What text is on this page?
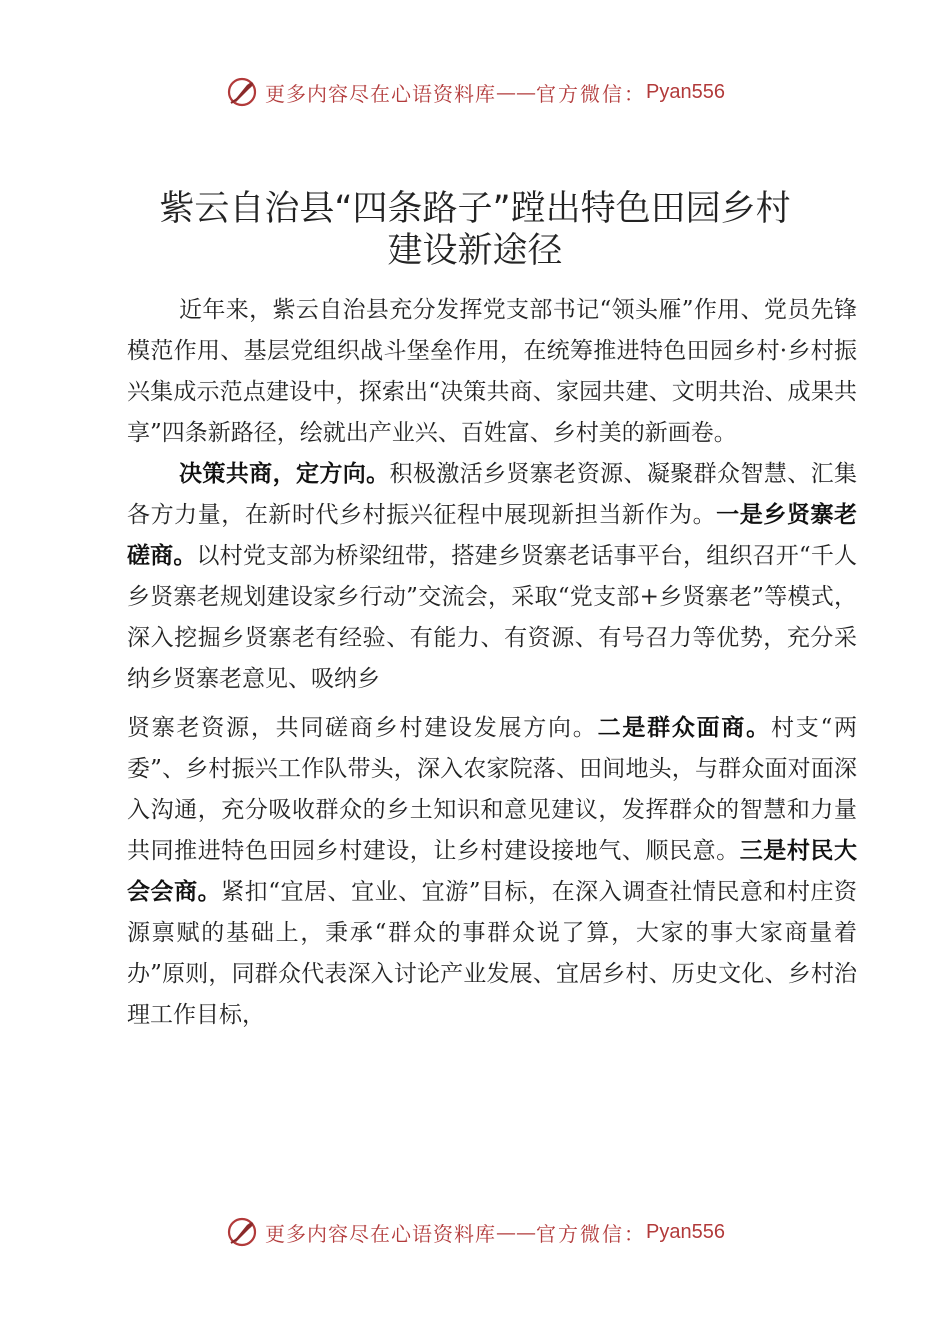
更多内容尽在心语资料库 —— 官方微信： Pyan556
紫云自治县“四条路子”蹚出特色田园乡村
建设新途径

近年来，紫云自治县充分发挥党支部书记“领头雁”作用、党员先锋模范作用、基层党组织战斗堡垒作用，在统筹推进特色田园乡村·乡村振兴集成示范点建设中，探索出“决策共商、家园共建、文明共治、成果共享”四条新路径，绘就出产业兴、百姓富、乡村美的新画卷。

决策共商，定方向。积极激活乡贤寨老资源、凝聚群众智慧、汇集各方力量，在新时代乡村振兴征程中展现新担当新作为。一是乡贤寨老磋商。以村党支部为桥梁纽带，搭建乡贤寨老话事平台，组织召开“千人乡贤寨老规划建设家乡行动”交流会，采取“党支部+乡贤寨老”等模式，深入挖掘乡贤寨老有经验、有能力、有资源、有号召力等优势，充分采纳乡贤寨老意见、吸纳乡
贤寨老资源，共同磋商乡村建设发展方向。二是群众面商。村支“两委”、乡村振兴工作队带头，深入农家院落、田间地头，与群众面对面深入沟通，充分吸收群众的乡土知识和意见建议，发挥群众的智慧和力量共同推进特色田园乡村建设，让乡村建设接地气、顺民意。三是村民大会会商。紧扣“宜居、宜业、宜游”目标，在深入调查社情民意和村庄资源禀赋的基础上，秉承“群众的事群众说了算，大家的事大家商量着办”原则，同群众代表深入讨论产业发展、宜居乡村、历史文化、乡村治理工作目标，

更多内容尽在心语资料库 —— 官方微信： Pyan556
